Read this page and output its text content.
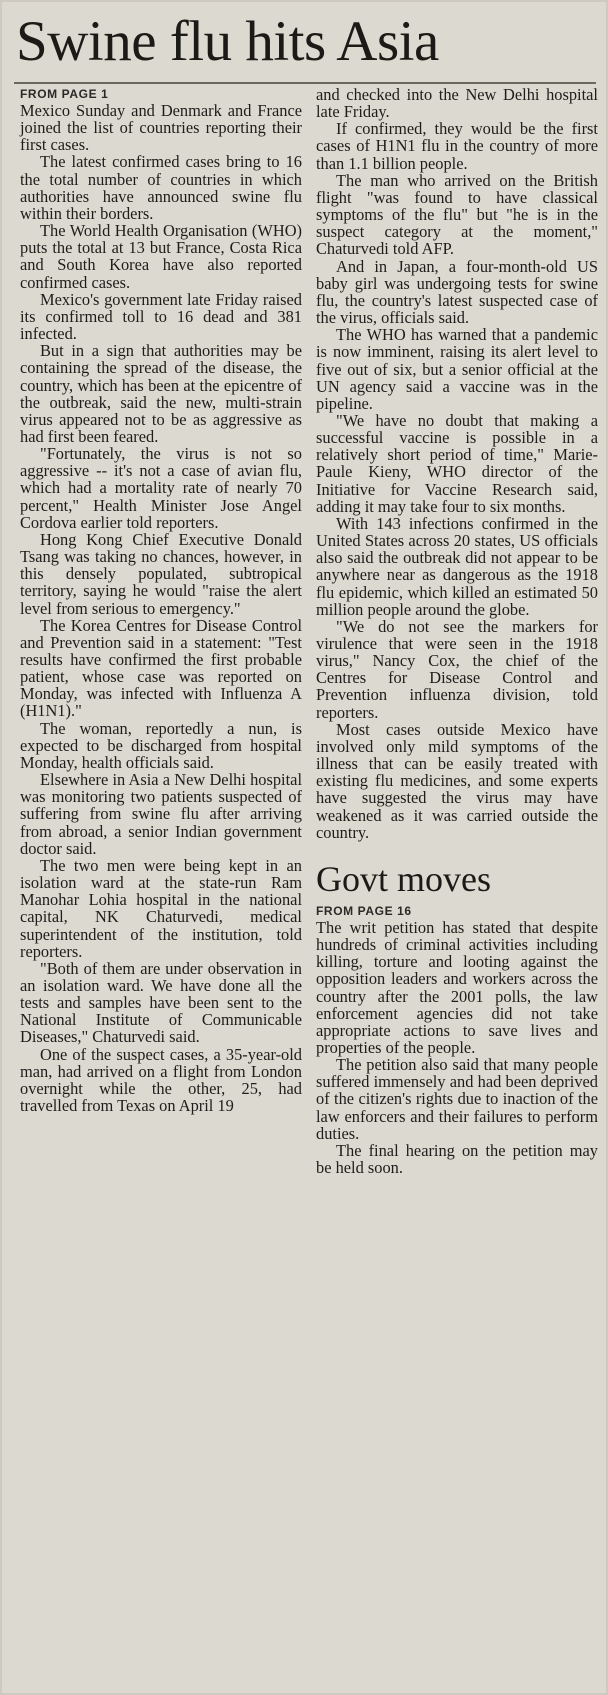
Swine flu hits Asia
FROM PAGE 1

Mexico Sunday and Denmark and France joined the list of countries reporting their first cases.

The latest confirmed cases bring to 16 the total number of countries in which authorities have announced swine flu within their borders.

The World Health Organisation (WHO) puts the total at 13 but France, Costa Rica and South Korea have also reported confirmed cases.

Mexico's government late Friday raised its confirmed toll to 16 dead and 381 infected.

But in a sign that authorities may be containing the spread of the disease, the country, which has been at the epicentre of the outbreak, said the new, multi-strain virus appeared not to be as aggressive as had first been feared.

"Fortunately, the virus is not so aggressive -- it's not a case of avian flu, which had a mortality rate of nearly 70 percent," Health Minister Jose Angel Cordova earlier told reporters.

Hong Kong Chief Executive Donald Tsang was taking no chances, however, in this densely populated, subtropical territory, saying he would "raise the alert level from serious to emergency."

The Korea Centres for Disease Control and Prevention said in a statement: "Test results have confirmed the first probable patient, whose case was reported on Monday, was infected with Influenza A (H1N1)."

The woman, reportedly a nun, is expected to be discharged from hospital Monday, health officials said.

Elsewhere in Asia a New Delhi hospital was monitoring two patients suspected of suffering from swine flu after arriving from abroad, a senior Indian government doctor said.

The two men were being kept in an isolation ward at the state-run Ram Manohar Lohia hospital in the national capital, NK Chaturvedi, medical superintendent of the institution, told reporters.

"Both of them are under observation in an isolation ward. We have done all the tests and samples have been sent to the National Institute of Communicable Diseases," Chaturvedi said.

One of the suspect cases, a 35-year-old man, had arrived on a flight from London overnight while the other, 25, had travelled from Texas on April 19

and checked into the New Delhi hospital late Friday.

If confirmed, they would be the first cases of H1N1 flu in the country of more than 1.1 billion people.

The man who arrived on the British flight "was found to have classical symptoms of the flu" but "he is in the suspect category at the moment," Chaturvedi told AFP.

And in Japan, a four-month-old US baby girl was undergoing tests for swine flu, the country's latest suspected case of the virus, officials said.

The WHO has warned that a pandemic is now imminent, raising its alert level to five out of six, but a senior official at the UN agency said a vaccine was in the pipeline.

"We have no doubt that making a successful vaccine is possible in a relatively short period of time," Marie-Paule Kieny, WHO director of the Initiative for Vaccine Research said, adding it may take four to six months.

With 143 infections confirmed in the United States across 20 states, US officials also said the outbreak did not appear to be anywhere near as dangerous as the 1918 flu epidemic, which killed an estimated 50 million people around the globe.

"We do not see the markers for virulence that were seen in the 1918 virus," Nancy Cox, the chief of the Centres for Disease Control and Prevention influenza division, told reporters.

Most cases outside Mexico have involved only mild symptoms of the illness that can be easily treated with existing flu medicines, and some experts have suggested the virus may have weakened as it was carried outside the country.

Govt moves
FROM PAGE 16

The writ petition has stated that despite hundreds of criminal activities including killing, torture and looting against the opposition leaders and workers across the country after the 2001 polls, the law enforcement agencies did not take appropriate actions to save lives and properties of the people.

The petition also said that many people suffered immensely and had been deprived of the citizen's rights due to inaction of the law enforcers and their failures to perform duties.

The final hearing on the petition may be held soon.
